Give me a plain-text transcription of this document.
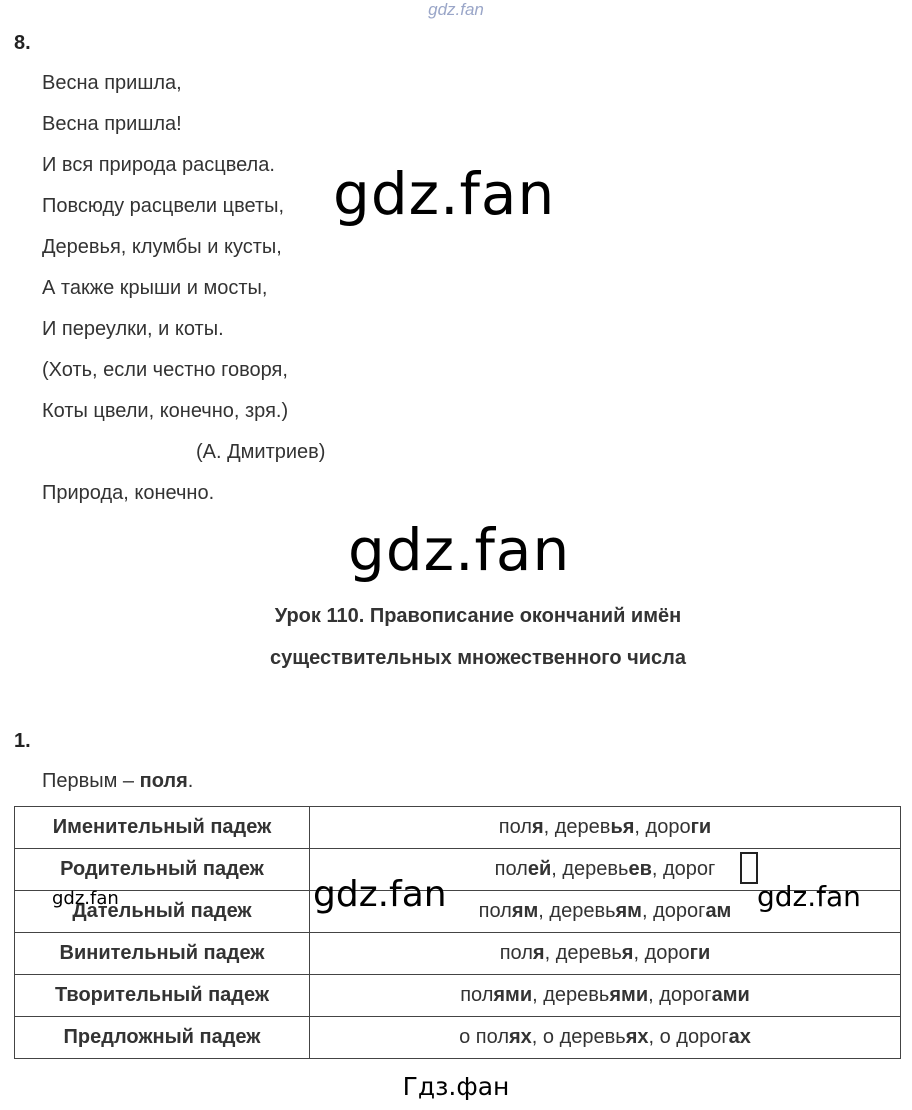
gdz.fan
8.
Весна пришла,
Весна пришла!
И вся природа расцвела.
Повсюду расцвели цветы,
Деревья, клумбы и кусты,
А также крыши и мосты,
И переулки, и коты.
(Хоть, если честно говоря,
Коты цвели, конечно, зря.)
(А. Дмитриев)
Природа, конечно.
gdz.fan
gdz.fan
Урок 110. Правописание окончаний имён
существительных множественного числа
1.
Первым – поля.
Именительный падеж	поля, деревья, дороги
Родительный падеж	полей, деревьев, дорог
Дательный падеж	полям, деревьям, дорогам
Винительный падеж	поля, деревья, дороги
Творительный падеж	полями, деревьями, дорогами
Предложный падеж	о полях, о деревьях, о дорогах
gdz.fan	gdz.fan
gdz.fan
Гдз.фан
